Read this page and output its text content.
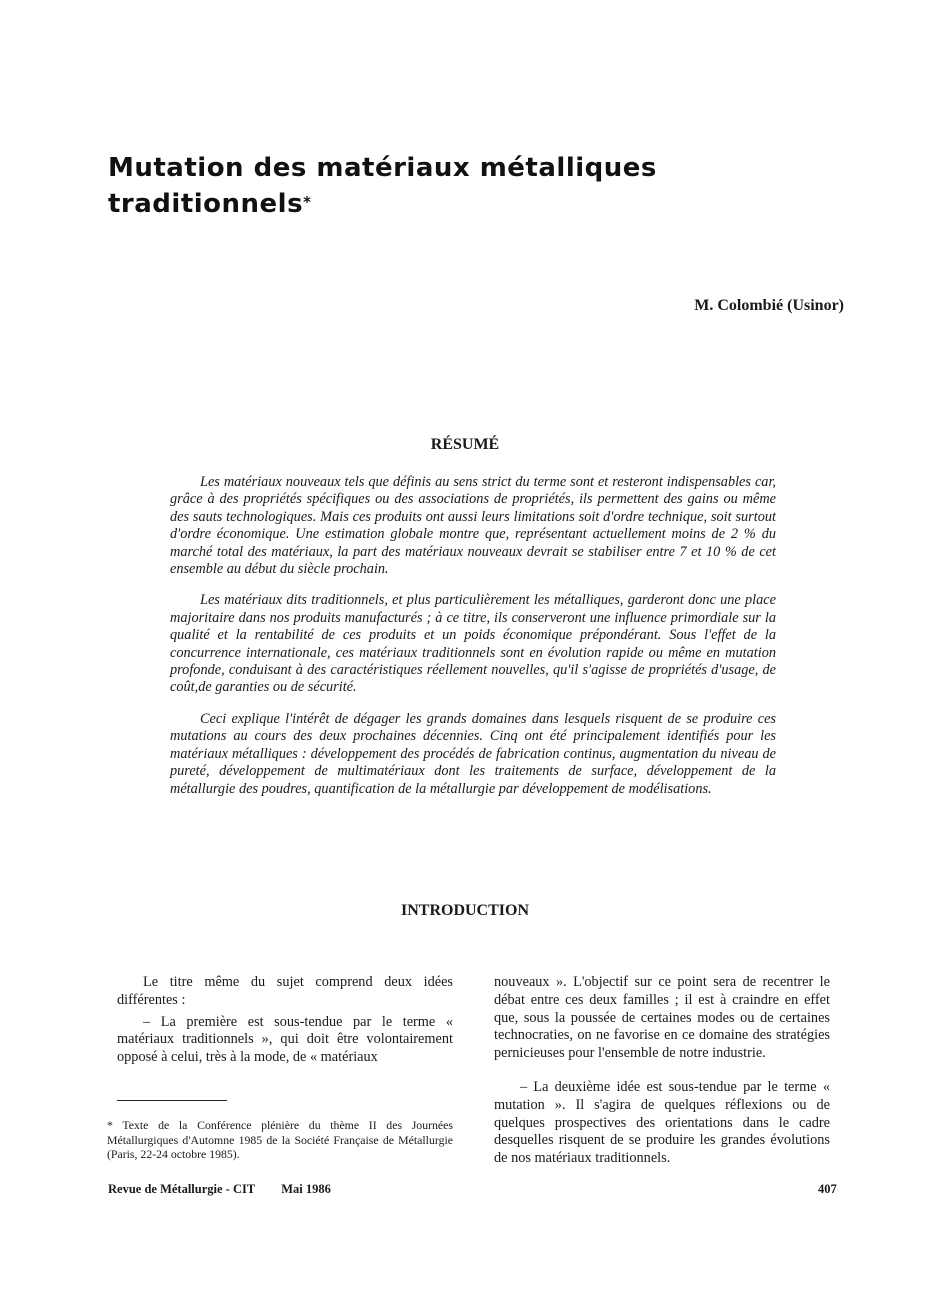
Mutation des matériaux métalliques traditionnels*
M. Colombié (Usinor)
RÉSUMÉ

Les matériaux nouveaux tels que définis au sens strict du terme sont et resteront indispensables car, grâce à des propriétés spécifiques ou des associations de propriétés, ils permettent des gains ou même des sauts technologiques. Mais ces produits ont aussi leurs limitations soit d'ordre technique, soit surtout d'ordre économique. Une estimation globale montre que, représentant actuellement moins de 2 % du marché total des matériaux, la part des matériaux nouveaux devrait se stabiliser entre 7 et 10 % de cet ensemble au début du siècle prochain.

Les matériaux dits traditionnels, et plus particulièrement les métalliques, garderont donc une place majoritaire dans nos produits manufacturés ; à ce titre, ils conserveront une influence primordiale sur la qualité et la rentabilité de ces produits et un poids économique prépondérant. Sous l'effet de la concurrence internationale, ces matériaux traditionnels sont en évolution rapide ou même en mutation profonde, conduisant à des caractéristiques réellement nouvelles, qu'il s'agisse de propriétés d'usage, de coût,de garanties ou de sécurité.

Ceci explique l'intérêt de dégager les grands domaines dans lesquels risquent de se produire ces mutations au cours des deux prochaines décennies. Cinq ont été principalement identifiés pour les matériaux métalliques : développement des procédés de fabrication continus, augmentation du niveau de pureté, développement de multimatériaux dont les traitements de surface, développement de la métallurgie des poudres, quantification de la métallurgie par développement de modélisations.

INTRODUCTION

Le titre même du sujet comprend deux idées différentes :

– La première est sous-tendue par le terme « matériaux traditionnels », qui doit être volontairement opposé à celui, très à la mode, de « matériaux

nouveaux ». L'objectif sur ce point sera de recentrer le débat entre ces deux familles ; il est à craindre en effet que, sous la poussée de certaines modes ou de certaines technocraties, on ne favorise en ce domaine des stratégies pernicieuses pour l'ensemble de notre industrie.

– La deuxième idée est sous-tendue par le terme « mutation ». Il s'agira de quelques réflexions ou de quelques prospectives des orientations dans le cadre desquelles risquent de se produire les grandes évolutions de nos matériaux traditionnels.

* Texte de la Conférence plénière du thème II des Journées Métallurgiques d'Automne 1985 de la Société Française de Métallurgie (Paris, 22-24 octobre 1985).
Revue de Métallurgie - CIT Mai 1986	407
